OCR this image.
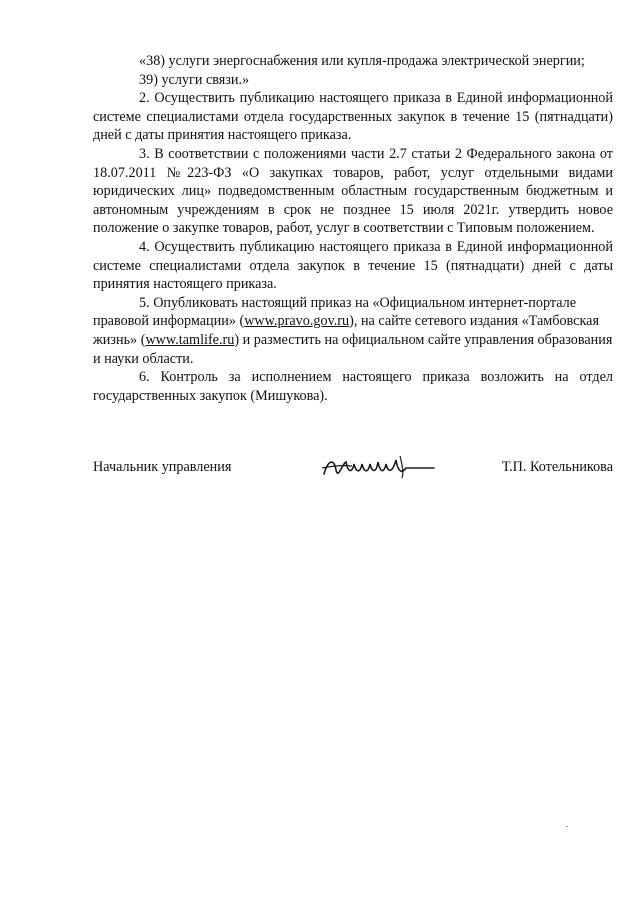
«38) услуги энергоснабжения или купля-продажа электрической энергии;

39) услуги связи.»

2. Осуществить публикацию настоящего приказа в Единой информационной системе специалистами отдела государственных закупок в течение 15 (пятнадцати) дней с даты принятия настоящего приказа.

3. В соответствии с положениями части 2.7 статьи 2 Федерального закона от 18.07.2011 №223-ФЗ «О закупках товаров, работ, услуг отдельными видами юридических лиц» подведомственным областным государственным бюджетным и автономным учреждениям в срок не позднее 15 июля 2021г. утвердить новое положение о закупке товаров, работ, услуг в соответствии с Типовым положением.

4. Осуществить публикацию настоящего приказа в Единой информационной системе специалистами отдела закупок в течение 15 (пятнадцати) дней с даты принятия настоящего приказа.

5. Опубликовать настоящий приказ на «Официальном интернет-портале правовой информации» (www.pravo.gov.ru), на сайте сетевого издания «Тамбовская жизнь» (www.tamlife.ru) и разместить на официальном сайте управления образования и науки области.

6. Контроль за исполнением настоящего приказа возложить на отдел государственных закупок (Мишукова).

Начальник управления	Т.П. Котельникова
